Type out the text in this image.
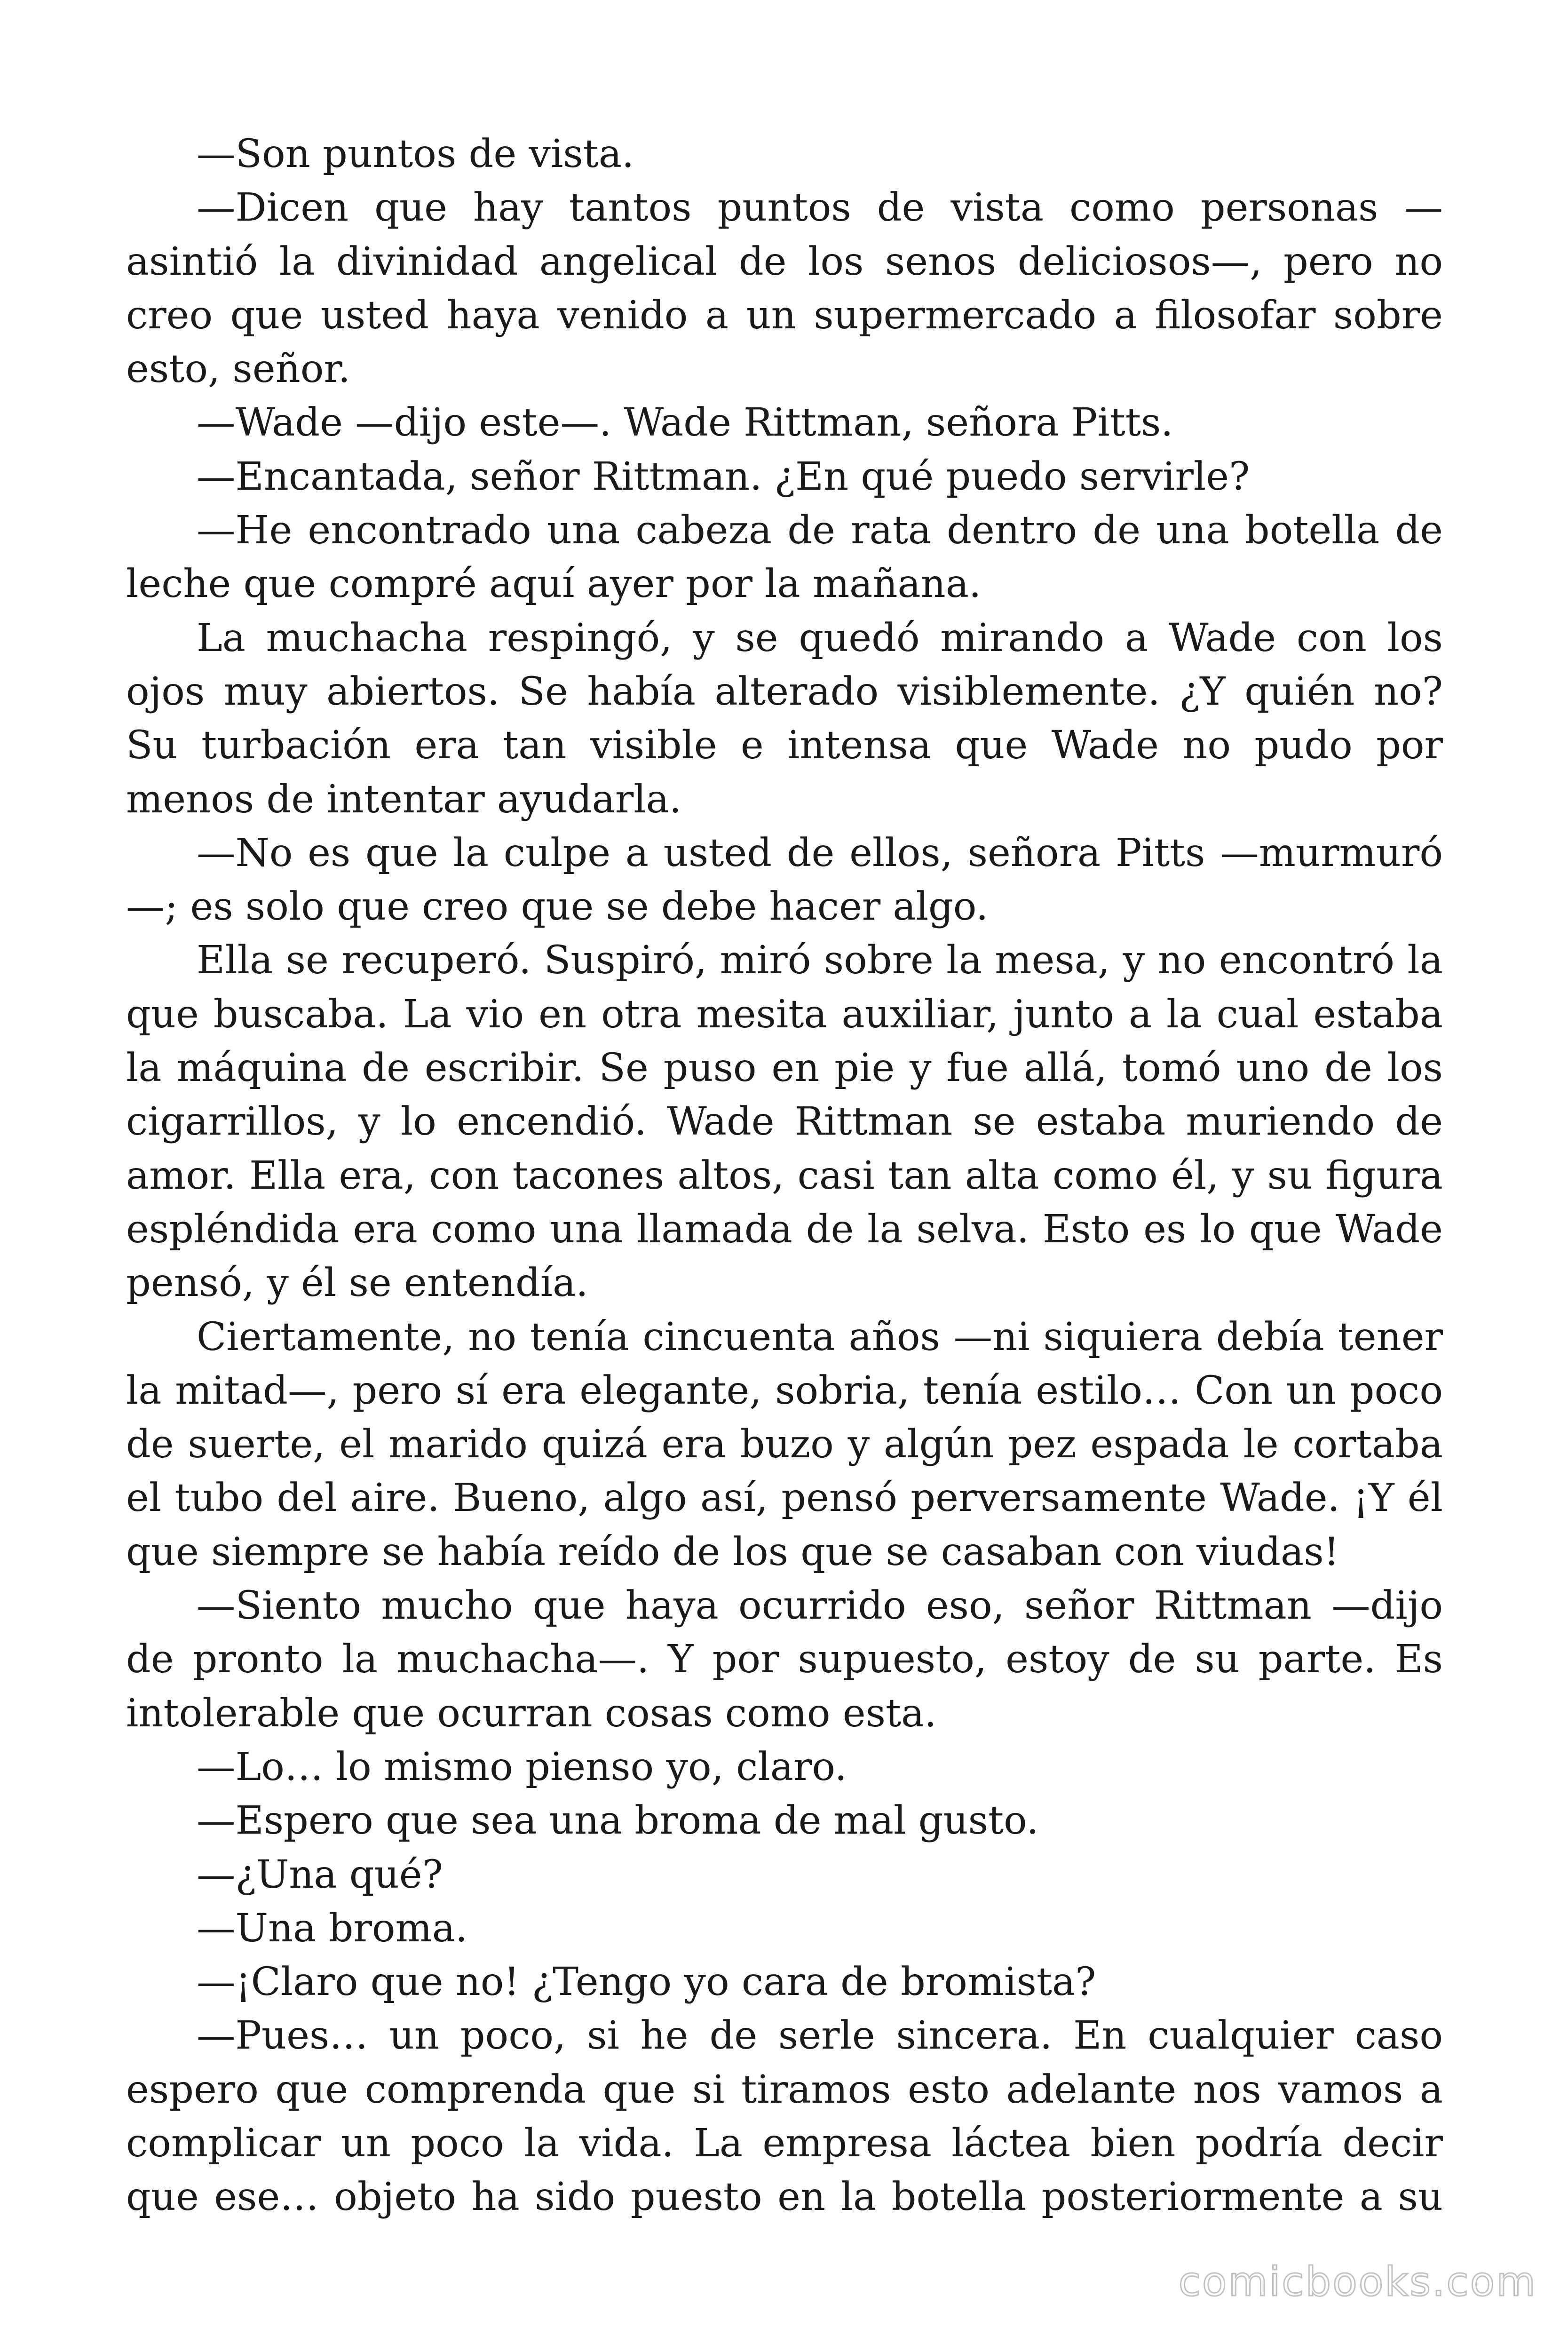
—Son puntos de vista.

—Dicen que hay tantos puntos de vista como personas —asintió la divinidad angelical de los senos deliciosos—, pero no creo que usted haya venido a un supermercado a filosofar sobre esto, señor.

—Wade —dijo este—. Wade Rittman, señora Pitts.

—Encantada, señor Rittman. ¿En qué puedo servirle?

—He encontrado una cabeza de rata dentro de una botella de leche que compré aquí ayer por la mañana.

La muchacha respingó, y se quedó mirando a Wade con los ojos muy abiertos. Se había alterado visiblemente. ¿Y quién no? Su turbación era tan visible e intensa que Wade no pudo por menos de intentar ayudarla.

—No es que la culpe a usted de ellos, señora Pitts —murmuró—; es solo que creo que se debe hacer algo.

Ella se recuperó. Suspiró, miró sobre la mesa, y no encontró la que buscaba. La vio en otra mesita auxiliar, junto a la cual estaba la máquina de escribir. Se puso en pie y fue allá, tomó uno de los cigarrillos, y lo encendió. Wade Rittman se estaba muriendo de amor. Ella era, con tacones altos, casi tan alta como él, y su figura espléndida era como una llamada de la selva. Esto es lo que Wade pensó, y él se entendía.

Ciertamente, no tenía cincuenta años —ni siquiera debía tener la mitad—, pero sí era elegante, sobria, tenía estilo… Con un poco de suerte, el marido quizá era buzo y algún pez espada le cortaba el tubo del aire. Bueno, algo así, pensó perversamente Wade. ¡Y él que siempre se había reído de los que se casaban con viudas!

—Siento mucho que haya ocurrido eso, señor Rittman —dijo de pronto la muchacha—. Y por supuesto, estoy de su parte. Es intolerable que ocurran cosas como esta.

—Lo… lo mismo pienso yo, claro.

—Espero que sea una broma de mal gusto.

—¿Una qué?

—Una broma.

—¡Claro que no! ¿Tengo yo cara de bromista?

—Pues… un poco, si he de serle sincera. En cualquier caso espero que comprenda que si tiramos esto adelante nos vamos a complicar un poco la vida. La empresa láctea bien podría decir que ese… objeto ha sido puesto en la botella posteriormente a su

comicbooks.com
